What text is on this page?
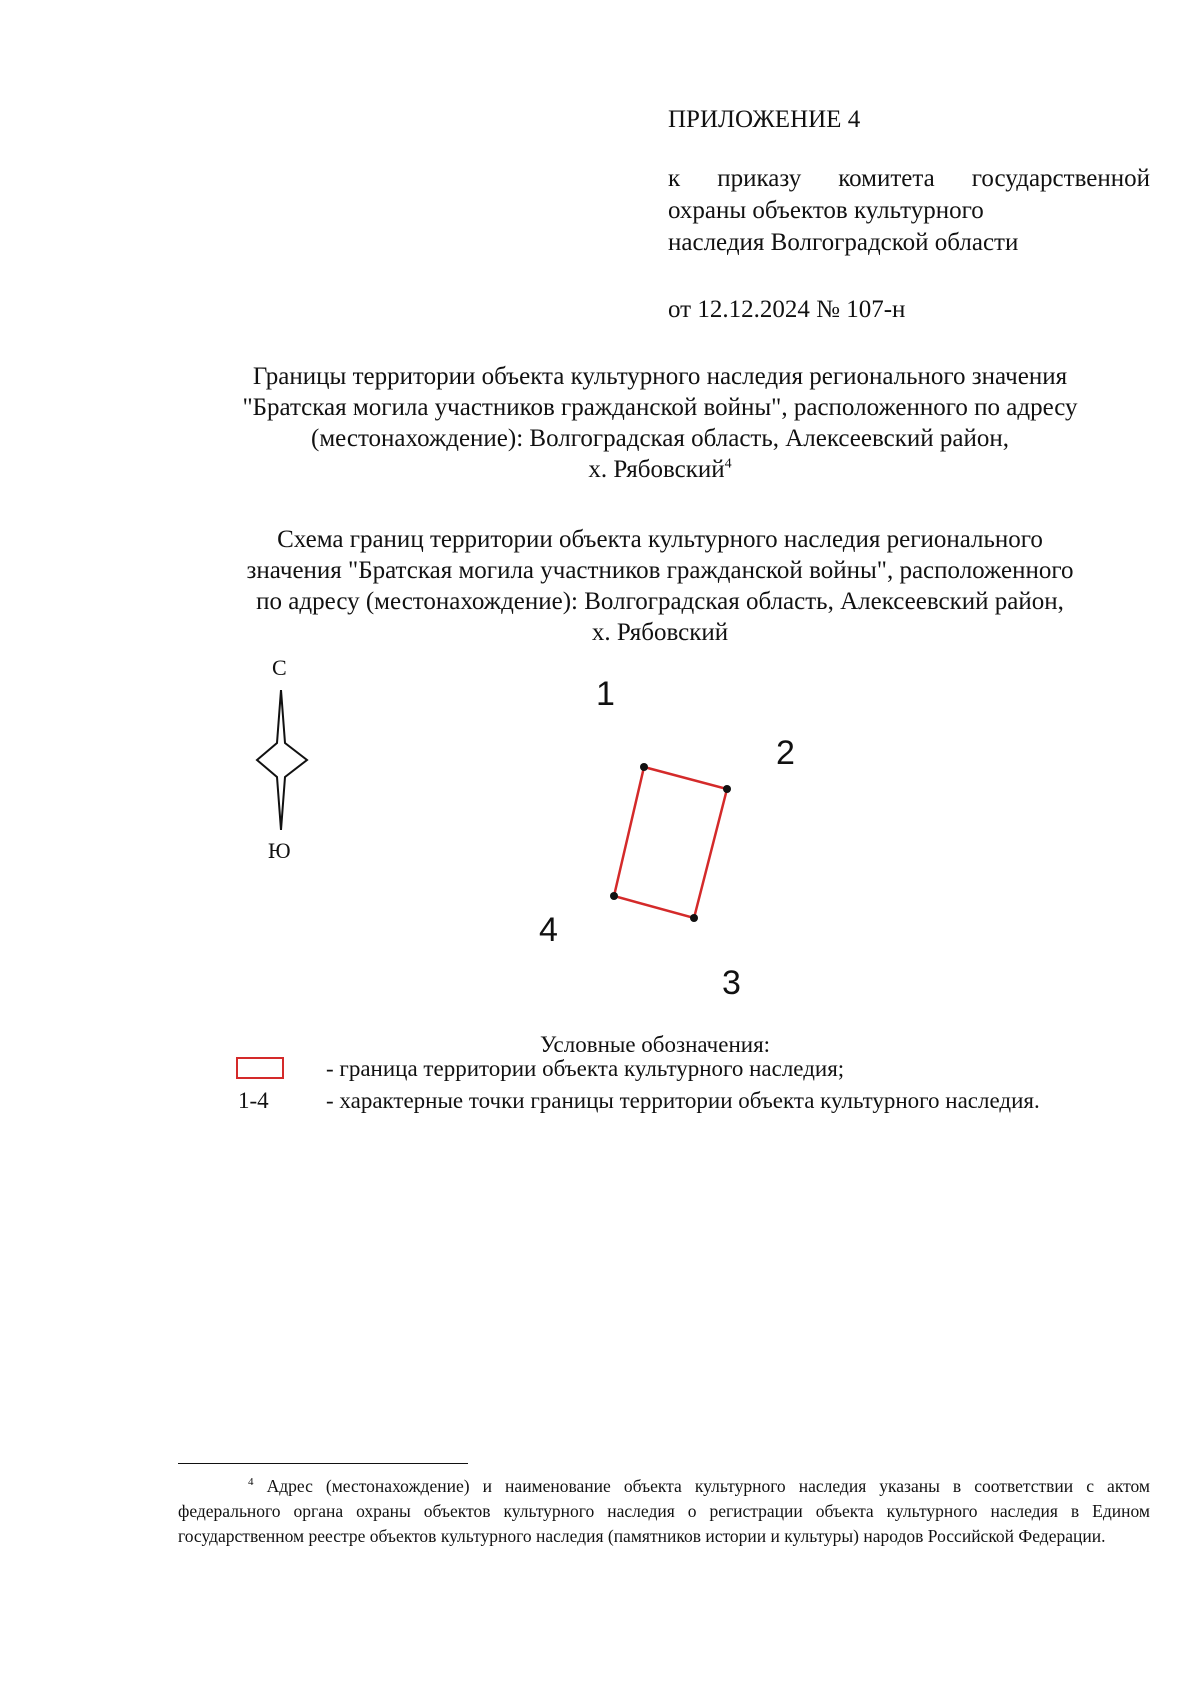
ПРИЛОЖЕНИЕ 4
к приказу комитета государственной
охраны объектов культурного
наследия Волгоградской области
от 12.12.2024 № 107-н
Границы территории объекта культурного наследия регионального значения
"Братская могила участников гражданской войны", расположенного по адресу
(местонахождение): Волгоградская область, Алексеевский район,
х. Рябовский$^4$
Схема границ территории объекта культурного наследия регионального
значения "Братская могила участников гражданской войны", расположенного
по адресу (местонахождение): Волгоградская область, Алексеевский район,
х. Рябовский
С
Ю
1
2
3
4
Условные обозначения:
- граница территории объекта культурного наследия;
1-4 - характерные точки границы территории объекта культурного наследия.
$^4$ Адрес (местонахождение) и наименование объекта культурного наследия указаны в соответствии с актом федерального органа охраны объектов культурного наследия о регистрации объекта культурного наследия в Едином государственном реестре объектов культурного наследия (памятников истории и культуры) народов Российской Федерации.
